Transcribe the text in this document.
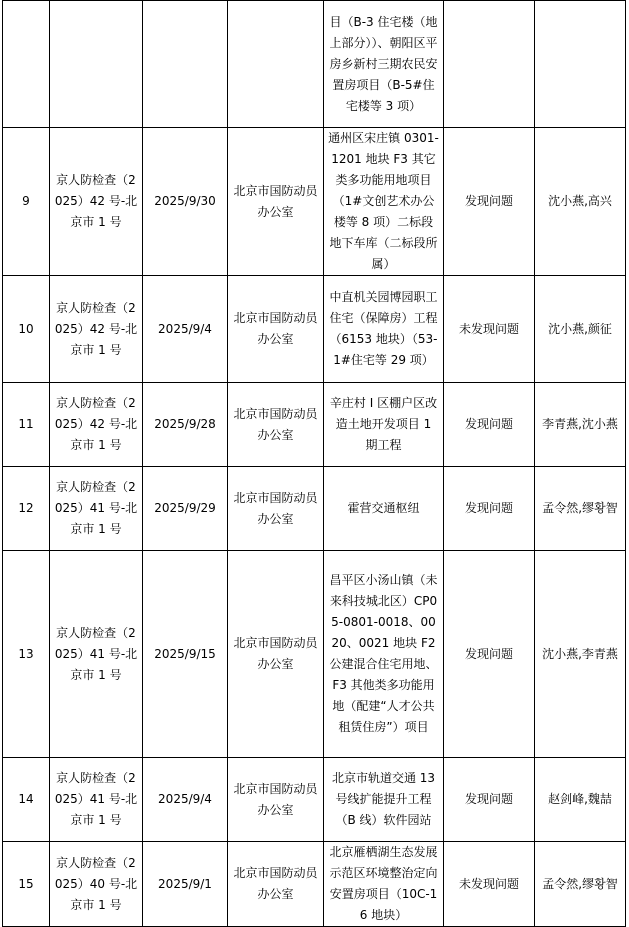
				目（B-3 住宅楼（地上部分））、朝阳区平房乡新村三期农民安置房项目（B-5#住宅楼等 3 项）		
9	京人防检查（2025）42 号-北京市 1 号	2025/9/30	北京市国防动员办公室	通州区宋庄镇 0301-1201 地块 F3 其它类多功能用地项目（1#文创艺术办公楼等 8 项）二标段地下车库（二标段所属）	发现问题	沈小燕,高兴
10	京人防检查（2025）42 号-北京市 1 号	2025/9/4	北京市国防动员办公室	中直机关园博园职工住宅（保障房）工程（6153 地块）（53-1#住宅等 29 项）	未发现问题	沈小燕,颜征
11	京人防检查（2025）42 号-北京市 1 号	2025/9/28	北京市国防动员办公室	辛庄村 I 区棚户区改造土地开发项目 1 期工程	发现问题	李青燕,沈小燕
12	京人防检查（2025）41 号-北京市 1 号	2025/9/29	北京市国防动员办公室	霍营交通枢纽	发现问题	孟令然,缪황智
13	京人防检查（2025）41 号-北京市 1 号	2025/9/15	北京市国防动员办公室	昌平区小汤山镇（未来科技城北区）CP05-0801-0018、0020、0021 地块 F2 公建混合住宅用地、F3 其他类多功能用地（配建“人才公共租赁住房”）项目	发现问题	沈小燕,李青燕
14	京人防检查（2025）41 号-北京市 1 号	2025/9/4	北京市国防动员办公室	北京市轨道交通 13 号线扩能提升工程（B 线）软件园站	发现问题	赵剑峰,魏喆
15	京人防检查（2025）40 号-北京市 1 号	2025/9/1	北京市国防动员办公室	北京雁栖湖生态发展示范区环境整治定向安置房项目（10C-16 地块）	未发现问题	孟令然,缪황智
